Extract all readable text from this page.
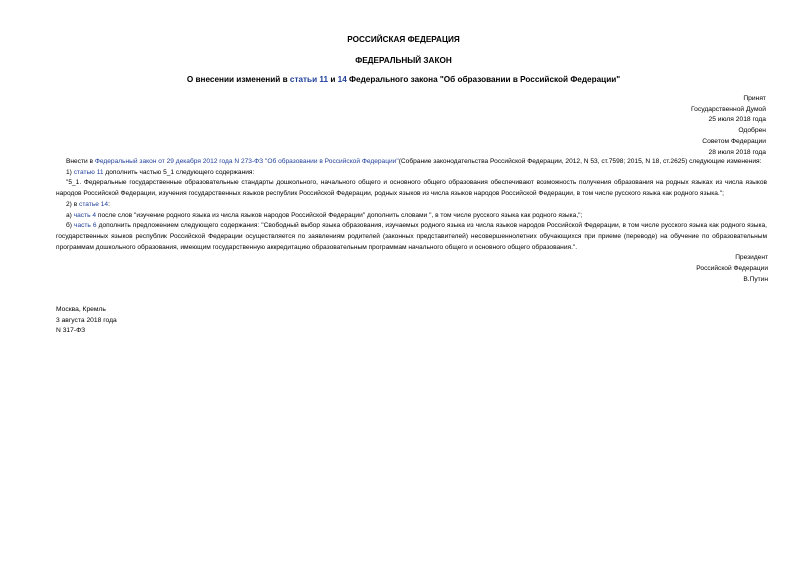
РОССИЙСКАЯ ФЕДЕРАЦИЯ
ФЕДЕРАЛЬНЫЙ ЗАКОН
О внесении изменений в статьи 11 и 14 Федерального закона "Об образовании в Российской Федерации"
Принят
Государственной Думой
25 июля 2018 года
Одобрен
Советом Федерации
28 июля 2018 года

Внести в Федеральный закон от 29 декабря 2012 года N 273-ФЗ "Об образовании в Российской Федерации"(Собрание законодательства Российской Федерации, 2012, N 53, ст.7598; 2015, N 18, ст.2625) следующие изменения:

1) статью 11 дополнить частью 5_1 следующего содержания:

"5_1. Федеральные государственные образовательные стандарты дошкольного, начального общего и основного общего образования обеспечивают возможность получения образования на родных языках из числа языков народов Российской Федерации, изучения государственных языков республик Российской Федерации, родных языков из числа языков народов Российской Федерации, в том числе русского языка как родного языка.";

2) в статье 14:

а) часть 4 после слов "изучение родного языка из числа языков народов Российской Федерации" дополнить словами ", в том числе русского языка как родного языка,";

б) часть 6 дополнить предложением следующего содержания: "Свободный выбор языка образования, изучаемых родного языка из числа языков народов Российской Федерации, в том числе русского языка как родного языка, государственных языков республик Российской Федерации осуществляется по заявлениям родителей (законных представителей) несовершеннолетних обучающихся при приеме (переводе) на обучение по образовательным программам дошкольного образования, имеющим государственную аккредитацию образовательным программам начального общего и основного общего образования.".

Президент
Российской Федерации
В.Путин
Москва, Кремль
3 августа 2018 года
N 317-ФЗ
